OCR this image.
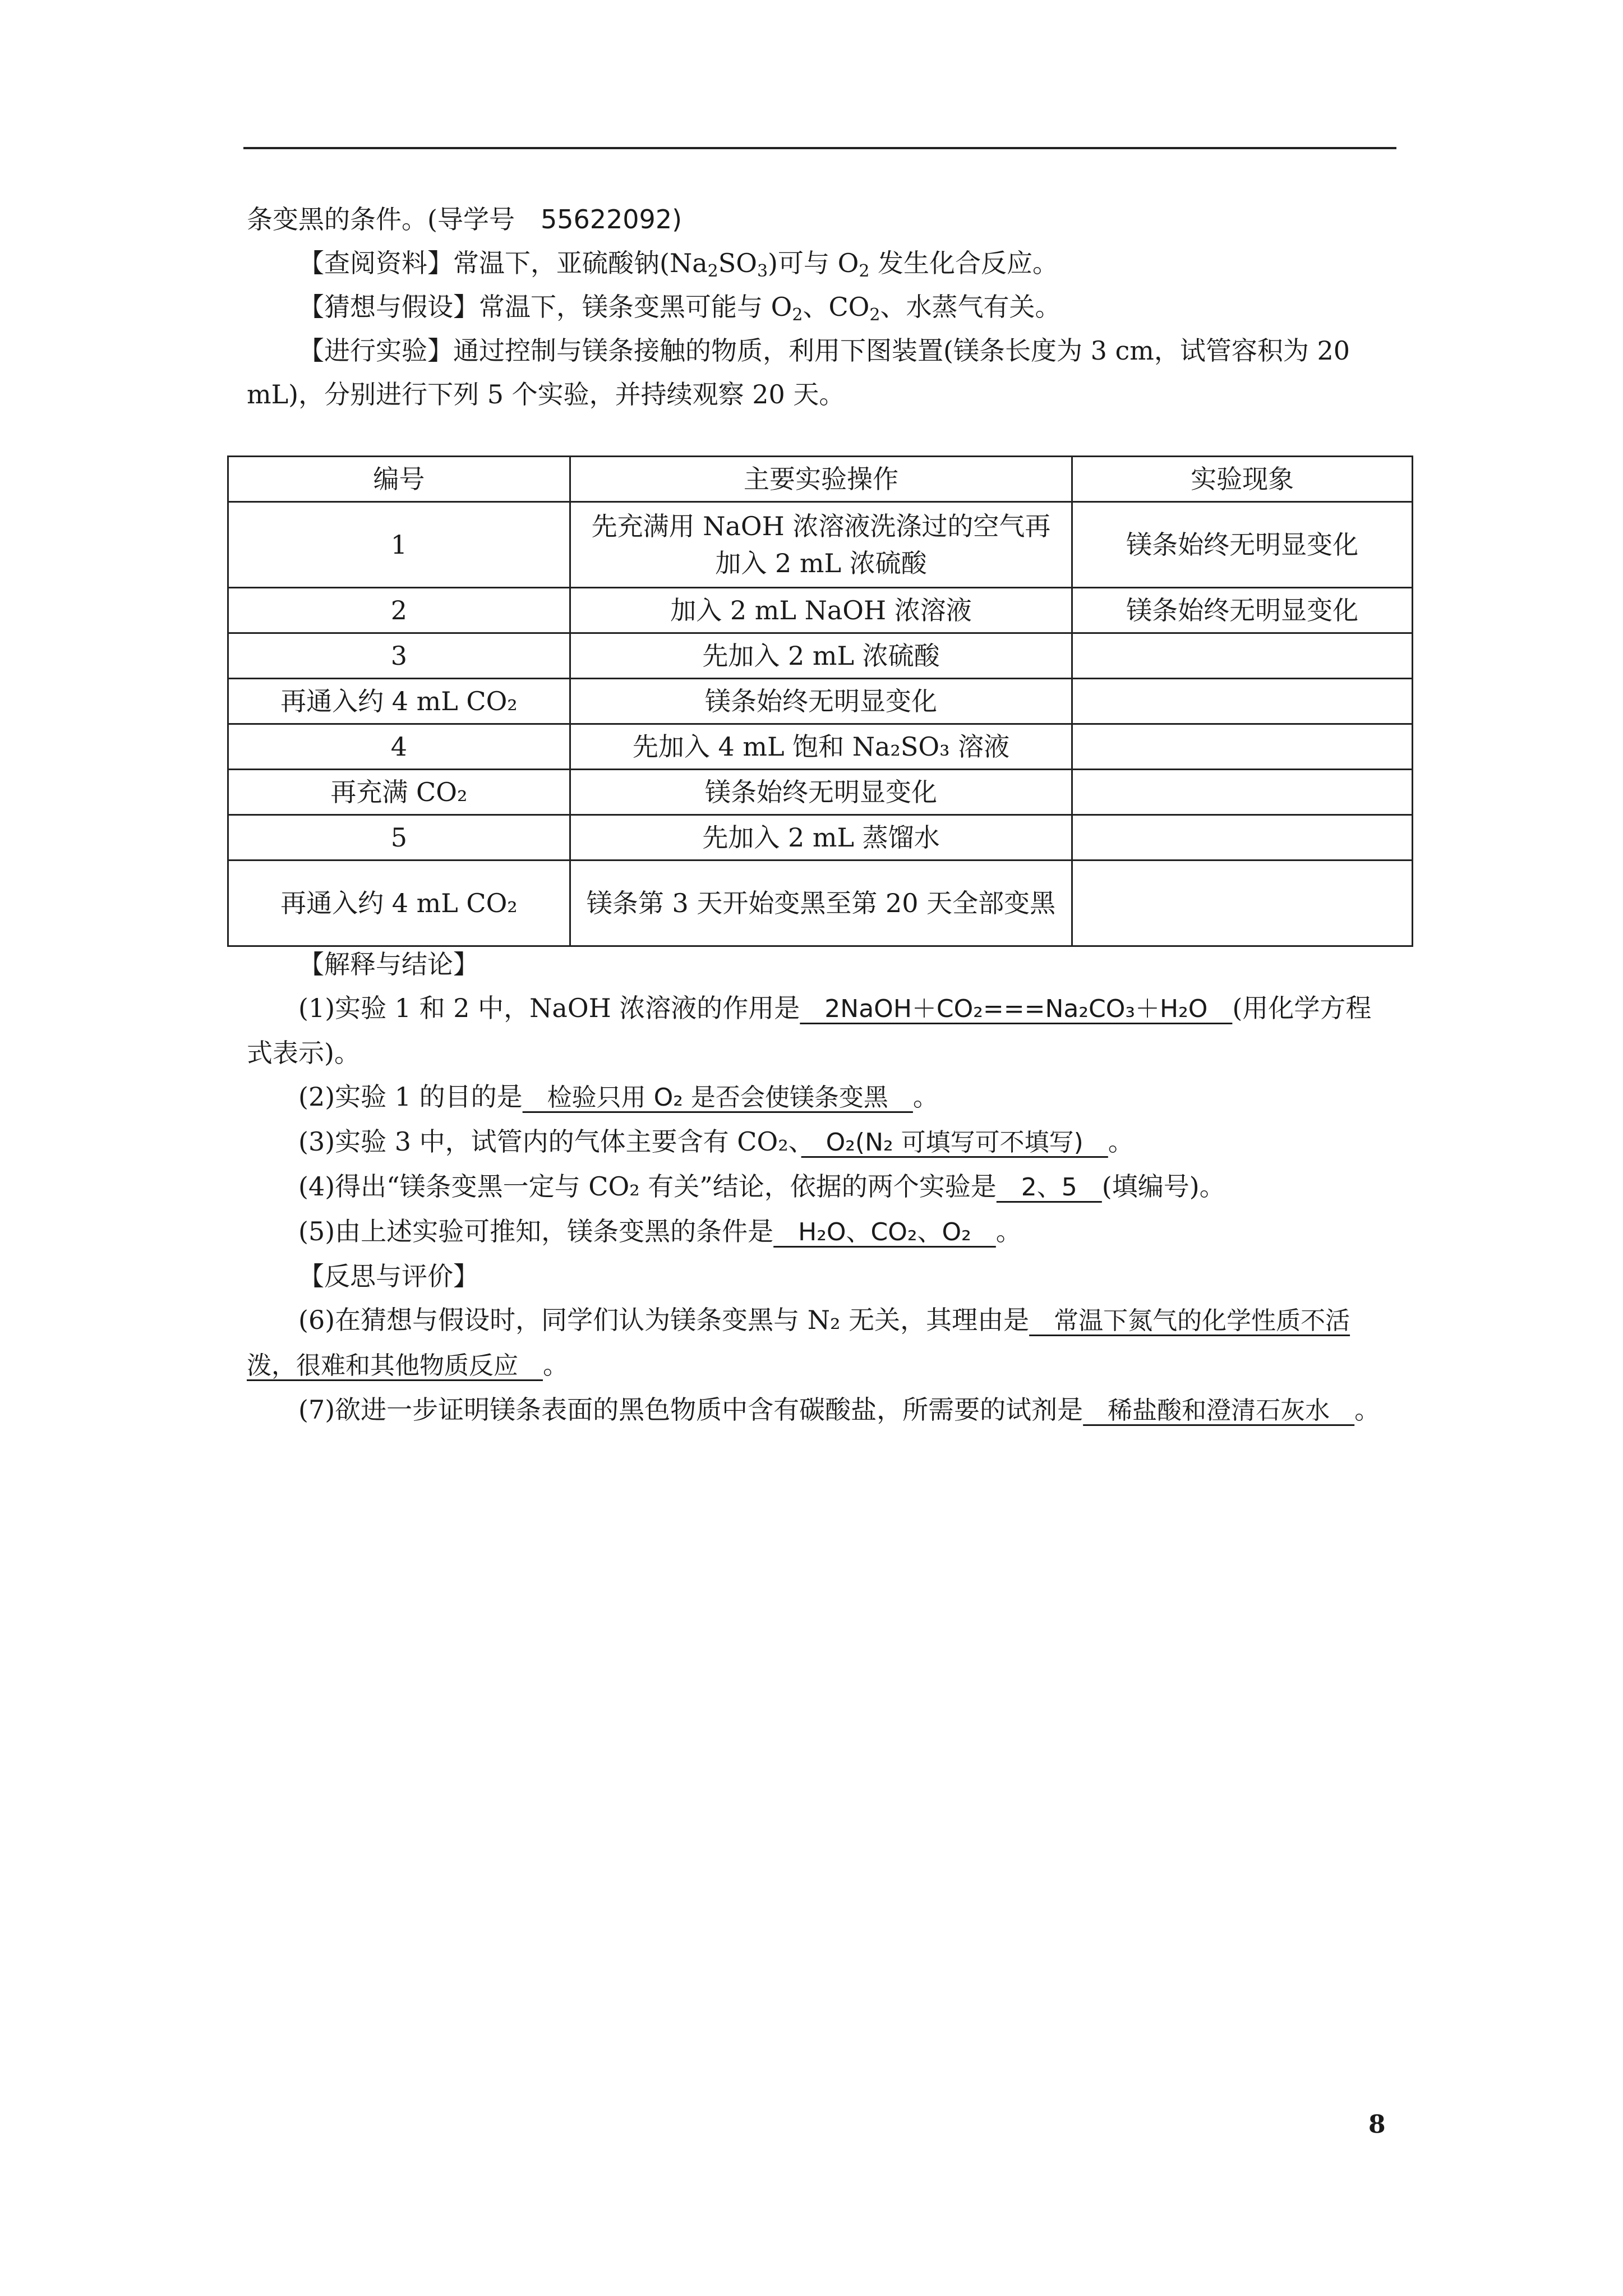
条变黑的条件。(导学号　55622092)

【查阅资料】常温下，亚硫酸钠$(Na_2SO_3)$可与 $O_2$ 发生化合反应。

【猜想与假设】常温下，镁条变黑可能与 $O_2$、$CO_2$、水蒸气有关。

【进行实验】通过控制与镁条接触的物质，利用下图装置(镁条长度为 3 cm，试管容积为 20 mL)，分别进行下列 5 个实验，并持续观察 20 天。

编号	主要实验操作	实验现象
1	先充满用 NaOH 浓溶液洗涤过的空气再加入 2 mL 浓硫酸	镁条始终无明显变化
2	加入 2 mL NaOH 浓溶液	镁条始终无明显变化
3	先加入 2 mL 浓硫酸	
再通入约 4 mL CO₂	镁条始终无明显变化	
4	先加入 4 mL 饱和 Na₂SO₃ 溶液	
再充满 CO₂	镁条始终无明显变化	
5	先加入 2 mL 蒸馏水	
再通入约 4 mL CO₂	镁条第 3 天开始变黑至第 20 天全部变黑	

【解释与结论】

(1)实验 1 和 2 中，NaOH 浓溶液的作用是　2NaOH＋CO₂===Na₂CO₃＋H₂O　(用化学方程式表示)。

(2)实验 1 的目的是　检验只用 O₂ 是否会使镁条变黑　。

(3)实验 3 中，试管内的气体主要含有 CO₂、　O₂(N₂ 可填写可不填写)　。

(4)得出“镁条变黑一定与 CO₂ 有关”结论，依据的两个实验是　2、5　(填编号)。

(5)由上述实验可推知，镁条变黑的条件是　H₂O、CO₂、O₂　。

【反思与评价】

(6)在猜想与假设时，同学们认为镁条变黑与 N₂ 无关，其理由是　常温下氮气的化学性质不活泼，很难和其他物质反应　。

(7)欲进一步证明镁条表面的黑色物质中含有碳酸盐，所需要的试剂是　稀盐酸和澄清石灰水　。

8
